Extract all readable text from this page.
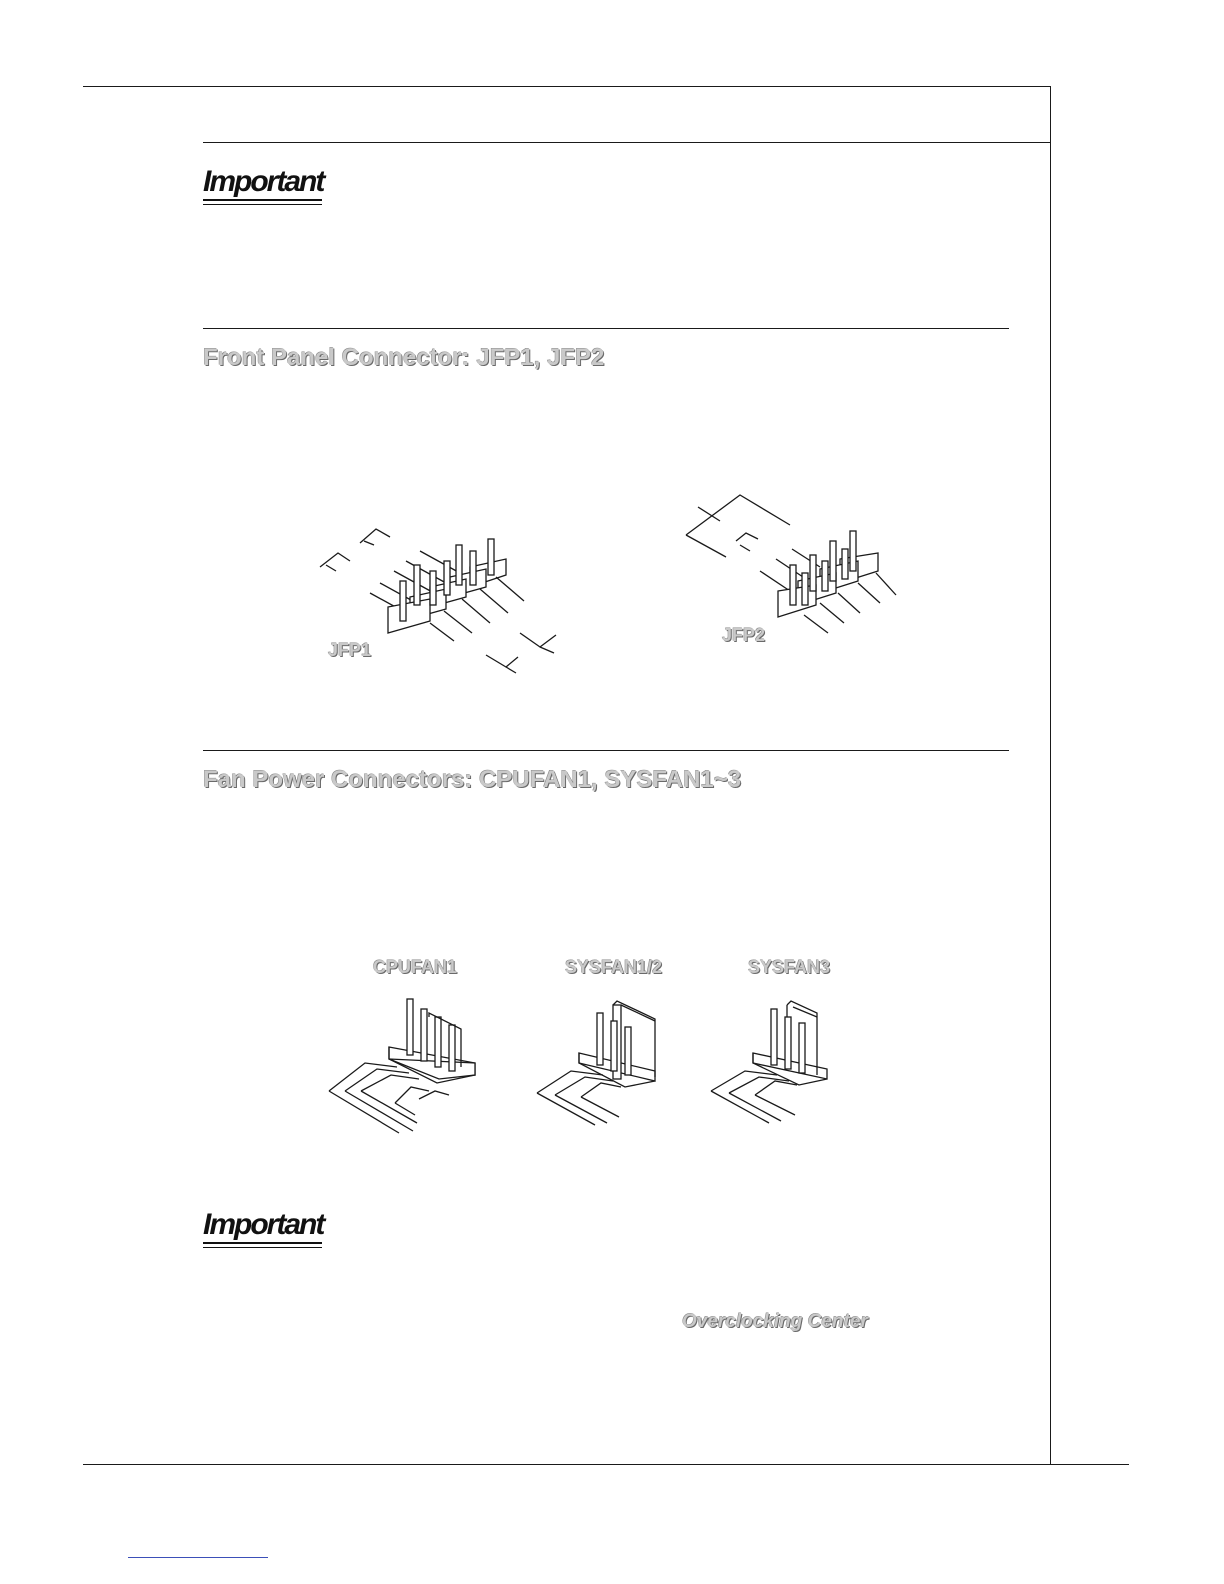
Important
Front Panel Connector: JFP1, JFP2
JFP1
JFP2
Fan Power Connectors: CPUFAN1, SYSFAN1~3
CPUFAN1	SYSFAN1/2	SYSFAN3
Important
Overclocking Center
